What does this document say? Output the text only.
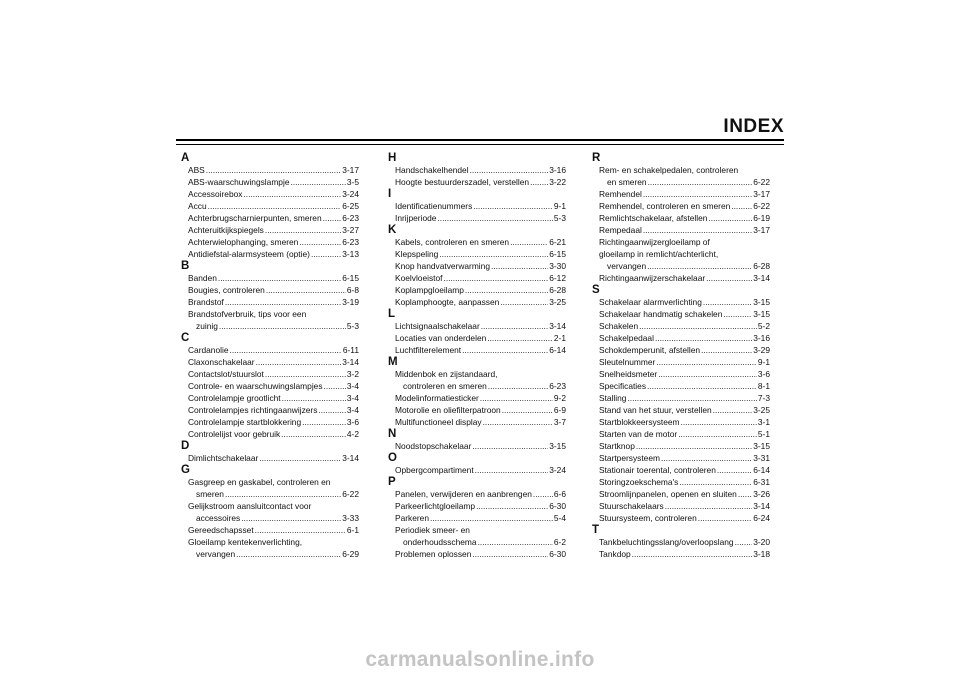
INDEX
A
ABS .....	3-17
ABS-waarschuwingslampje .....	3-5
Accessoirebox .....	3-24
Accu .....	6-25
Achterbrugscharnierpunten, smeren ..... 6-23
Achteruitkijkspiegels .....	3-27
Achterwielophanging, smeren .....	6-23
Antidiefstal-alarmsysteem (optie) .....	3-13
B
Banden .....	6-15
Bougies, controleren .....	6-8
Brandstof .....	3-19
Brandstofverbruik, tips voor een
zuinig .....	5-3
C
Cardanolie .....	6-11
Claxonschakelaar .....	3-14
Contactslot/stuurslot .....	3-2
Controle- en waarschuwingslampjes .....	3-4
Controlelampje grootlicht .....	3-4
Controlelampjes richtingaanwijzers .....	3-4
Controlelampje startblokkering .....	3-6
Controlelijst voor gebruik .....	4-2
D
Dimlichtschakelaar .....	3-14
G
Gasgreep en gaskabel, controleren en
smeren .....	6-22
Gelijkstroom aansluitcontact voor
accessoires .....	3-33
Gereedschapsset .....	6-1
Gloeilamp kentekenverlichting,
vervangen .....	6-29
H
Handschakelhendel .....	3-16
Hoogte bestuurderszadel, verstellen ..... 3-22
I
Identificatienummers .....	9-1
Inrijperiode .....	5-3
K
Kabels, controleren en smeren .....	6-21
Klepspeling .....	6-15
Knop handvatverwarming .....	3-30
Koelvloeistof .....	6-12
Koplampgloeilamp .....	6-28
Koplamphoogte, aanpassen .....	3-25
L
Lichtsignaalschakelaar .....	3-14
Locaties van onderdelen .....	2-1
Luchtfilterelement .....	6-14
M
Middenbok en zijstandaard,
controleren en smeren .....	6-23
Modelinformatiesticker .....	9-2
Motorolie en oliefilterpatroon .....	6-9
Multifunctioneel display .....	3-7
N
Noodstopschakelaar .....	3-15
O
Opbergcompartiment .....	3-24
P
Panelen, verwijderen en aanbrengen .....	6-6
Parkeerlichtgloeilamp .....	6-30
Parkeren .....	5-4
Periodiek smeer- en
onderhoudsschema .....	6-2
Problemen oplossen .....	6-30
R
Rem- en schakelpedalen, controleren
en smeren .....	6-22
Remhendel .....	3-17
Remhendel, controleren en smeren .....	6-22
Remlichtschakelaar, afstellen .....	6-19
Rempedaal .....	3-17
Richtingaanwijzergloeilamp of
gloeilamp in remlicht/achterlicht,
vervangen .....	6-28
Richtingaanwijzerschakelaar .....	3-14
S
Schakelaar alarmverlichting .....	3-15
Schakelaar handmatig schakelen .....	3-15
Schakelen .....	5-2
Schakelpedaal .....	3-16
Schokdemperunit, afstellen .....	3-29
Sleutelnummer .....	9-1
Snelheidsmeter .....	3-6
Specificaties .....	8-1
Stalling .....	7-3
Stand van het stuur, verstellen .....	3-25
Startblokkeersysteem .....	3-1
Starten van de motor .....	5-1
Startknop .....	3-15
Startpersysteem .....	3-31
Stationair toerental, controleren .....	6-14
Storingzoekschema's .....	6-31
Stroomlijnpanelen, openen en sluiten ..... 3-26
Stuurschakelaars .....	3-14
Stuursysteem, controleren .....	6-24
T
Tankbeluchtingsslang/overloopslang ..... 3-20
Tankdop .....	3-18
carmanualsonline.info
